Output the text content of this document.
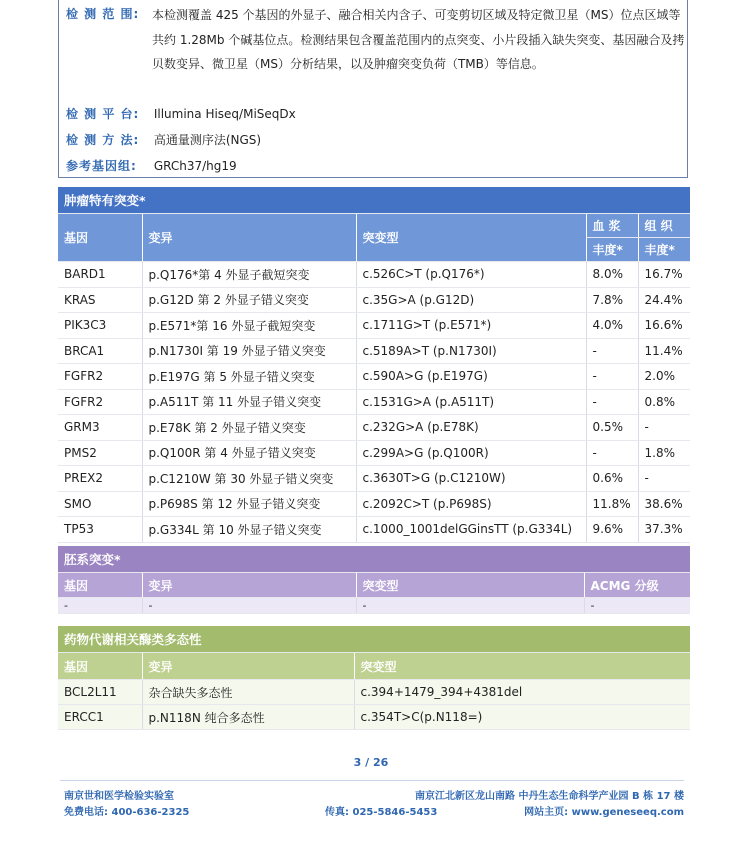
检 测 范 围:	本检测覆盖 425 个基因的外显子、融合相关内含子、可变剪切区域及特定微卫星（MS）位点区域等共约 1.28Mb 个碱基位点。检测结果包含覆盖范围内的点突变、小片段插入缺失突变、基因融合及拷贝数变异、微卫星（MS）分析结果，以及肿瘤突变负荷（TMB）等信息。
检 测 平 台: Illumina Hiseq/MiSeqDx
检 测 方 法: 高通量测序法(NGS)
参考基因组: GRCh37/hg19
肿瘤特有突变*				
基因	变异	突变型	血 浆	组 织
			丰度*	丰度*
BARD1	p.Q176*第 4 外显子截短突变	c.526C>T (p.Q176*)	8.0%	16.7%
KRAS	p.G12D 第 2 外显子错义突变	c.35G>A (p.G12D)	7.8%	24.4%
PIK3C3	p.E571*第 16 外显子截短突变	c.1711G>T (p.E571*)	4.0%	16.6%
BRCA1	p.N1730I 第 19 外显子错义突变	c.5189A>T (p.N1730I)	-	11.4%
FGFR2	p.E197G 第 5 外显子错义突变	c.590A>G (p.E197G)	-	2.0%
FGFR2	p.A511T 第 11 外显子错义突变	c.1531G>A (p.A511T)	-	0.8%
GRM3	p.E78K 第 2 外显子错义突变	c.232G>A (p.E78K)	0.5%	-
PMS2	p.Q100R 第 4 外显子错义突变	c.299A>G (p.Q100R)	-	1.8%
PREX2	p.C1210W 第 30 外显子错义突变	c.3630T>G (p.C1210W)	0.6%	-
SMO	p.P698S 第 12 外显子错义突变	c.2092C>T (p.P698S)	11.8%	38.6%
TP53	p.G334L 第 10 外显子错义突变	c.1000_1001delGGinsTT (p.G334L)	9.6%	37.3%
胚系突变*			
基因	变异	突变型	ACMG 分级
-	-	-	-
药物代谢相关酶类多态性		
基因	变异	突变型
BCL2L11	杂合缺失多态性	c.394+1479_394+4381del
ERCC1	p.N118N 纯合多态性	c.354T>C(p.N118=)
3 / 26
南京世和医学检验实验室	南京江北新区龙山南路 中丹生态生命科学产业园 B 栋 17 楼
免费电话: 400-636-2325	传真: 025-5846-5453	网站主页: www.geneseeq.com
